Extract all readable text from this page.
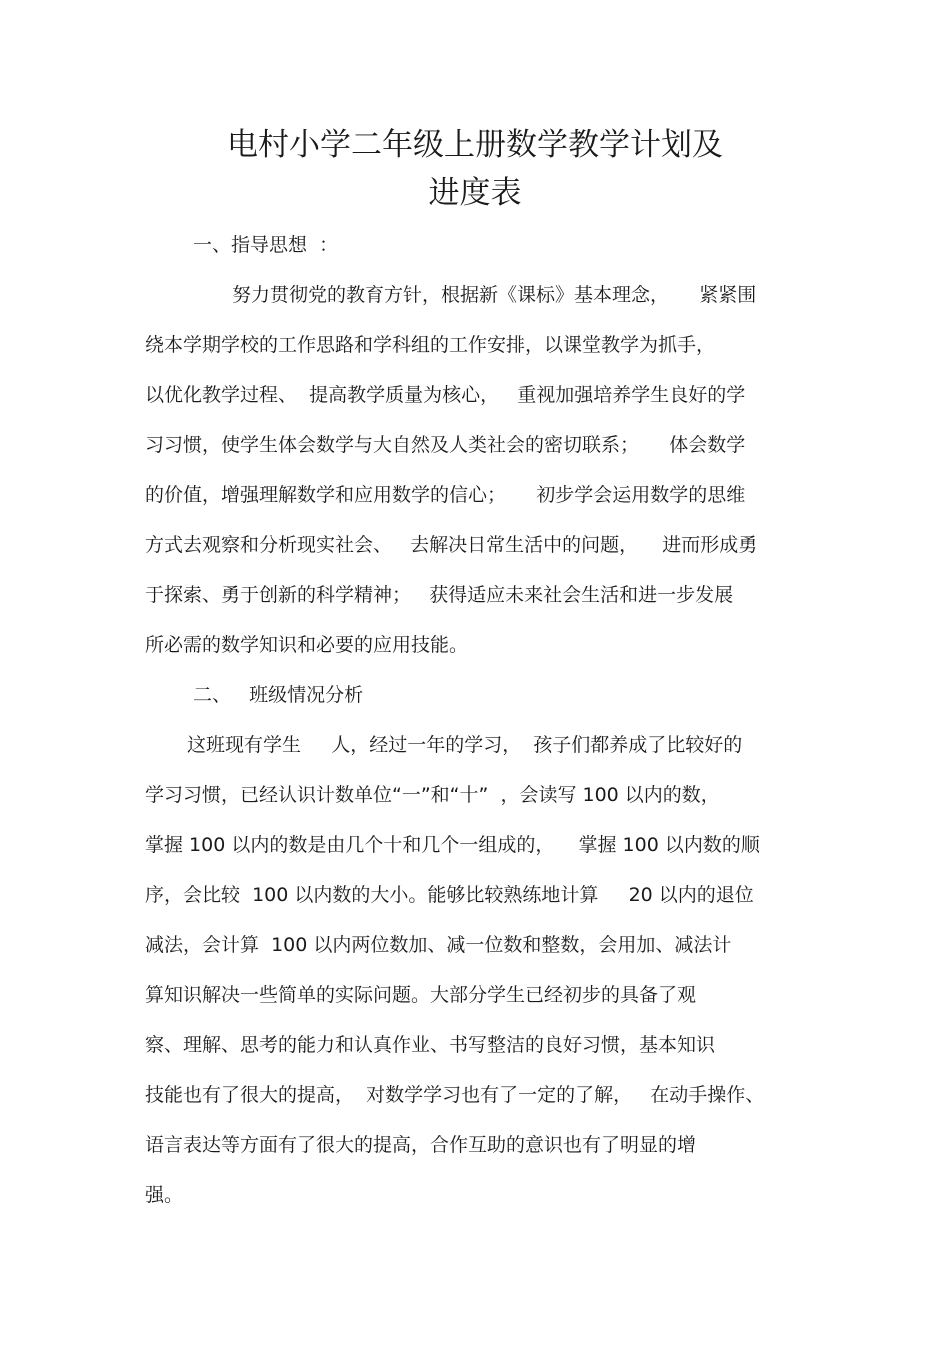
电村小学二年级上册数学教学计划及
进度表

一、指导思想  ：

努力贯彻党的教育方针，根据新《课标》基本理念，     紧紧围

绕本学期学校的工作思路和学科组的工作安排，以课堂教学为抓手，

以优化教学过程、  提高教学质量为核心，   重视加强培养学生良好的学

习习惯，使学生体会数学与大自然及人类社会的密切联系；     体会数学

的价值，增强理解数学和应用数学的信心；     初步学会运用数学的思维

方式去观察和分析现实社会、   去解决日常生活中的问题，    进而形成勇

于探索、勇于创新的科学精神；   获得适应未来社会生活和进一步发展

所必需的数学知识和必要的应用技能。

二、   班级情况分析

这班现有学生     人，经过一年的学习，  孩子们都养成了比较好的

学习习惯，已经认识计数单位“一”和“十”  ，会读写 100 以内的数，

掌握 100 以内的数是由几个十和几个一组成的，    掌握 100 以内数的顺

序，会比较  100 以内数的大小。能够比较熟练地计算     20 以内的退位

减法，会计算  100 以内两位数加、减一位数和整数，会用加、减法计

算知识解决一些简单的实际问题。大部分学生已经初步的具备了观

察、理解、思考的能力和认真作业、书写整洁的良好习惯，基本知识

技能也有了很大的提高，  对数学学习也有了一定的了解，   在动手操作、

语言表达等方面有了很大的提高，合作互助的意识也有了明显的增

强。
